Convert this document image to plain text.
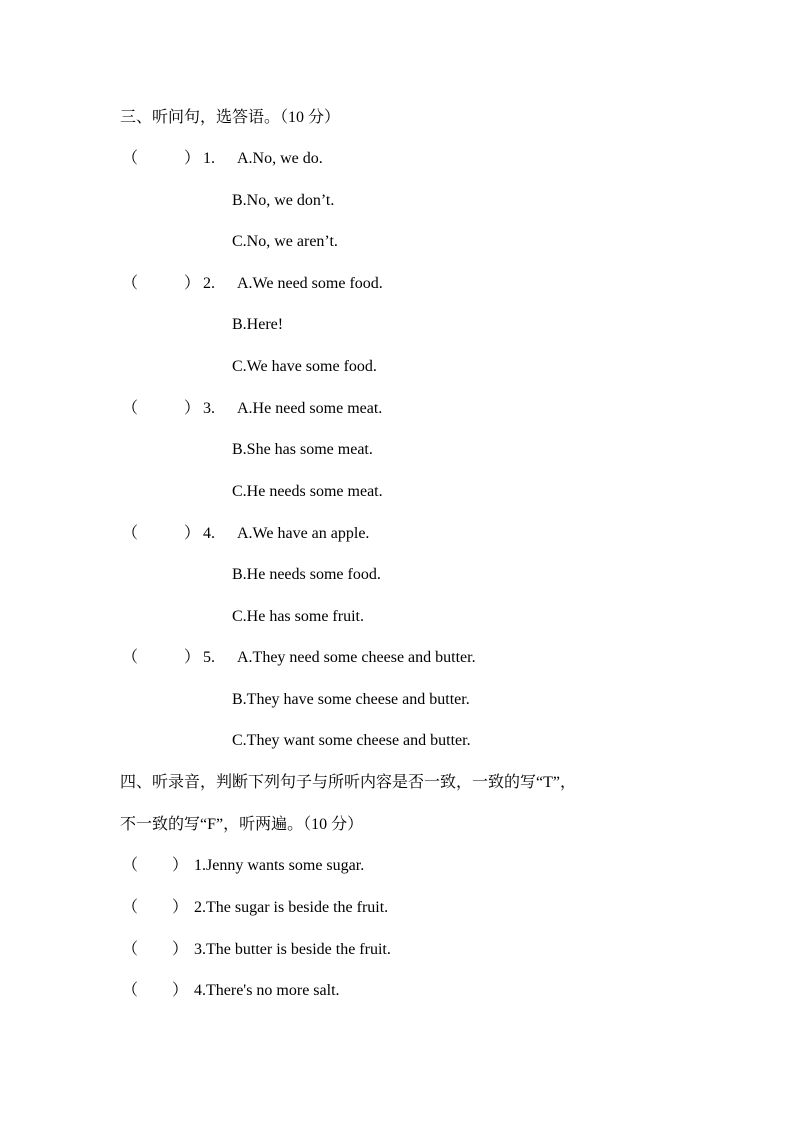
三、听问句，选答语。（10 分）
（	） 1. A.No, we do.
B.No, we don’t.
C.No, we aren’t.
（	） 2. A.We need some food.
B.Here!
C.We have some food.
（	） 3. A.He need some meat.
B.She has some meat.
C.He needs some meat.
（	） 4. A.We have an apple.
B.He needs some food.
C.He has some fruit.
（	） 5. A.They need some cheese and butter.
B.They have some cheese and butter.
C.They want some cheese and butter.
四、听录音，判断下列句子与所听内容是否一致，一致的写“T”，
不一致的写“F”，听两遍。（10 分）
（ ） 1.Jenny wants some sugar.
（ ） 2.The sugar is beside the fruit.
（ ） 3.The butter is beside the fruit.
（ ） 4.There's no more salt.
